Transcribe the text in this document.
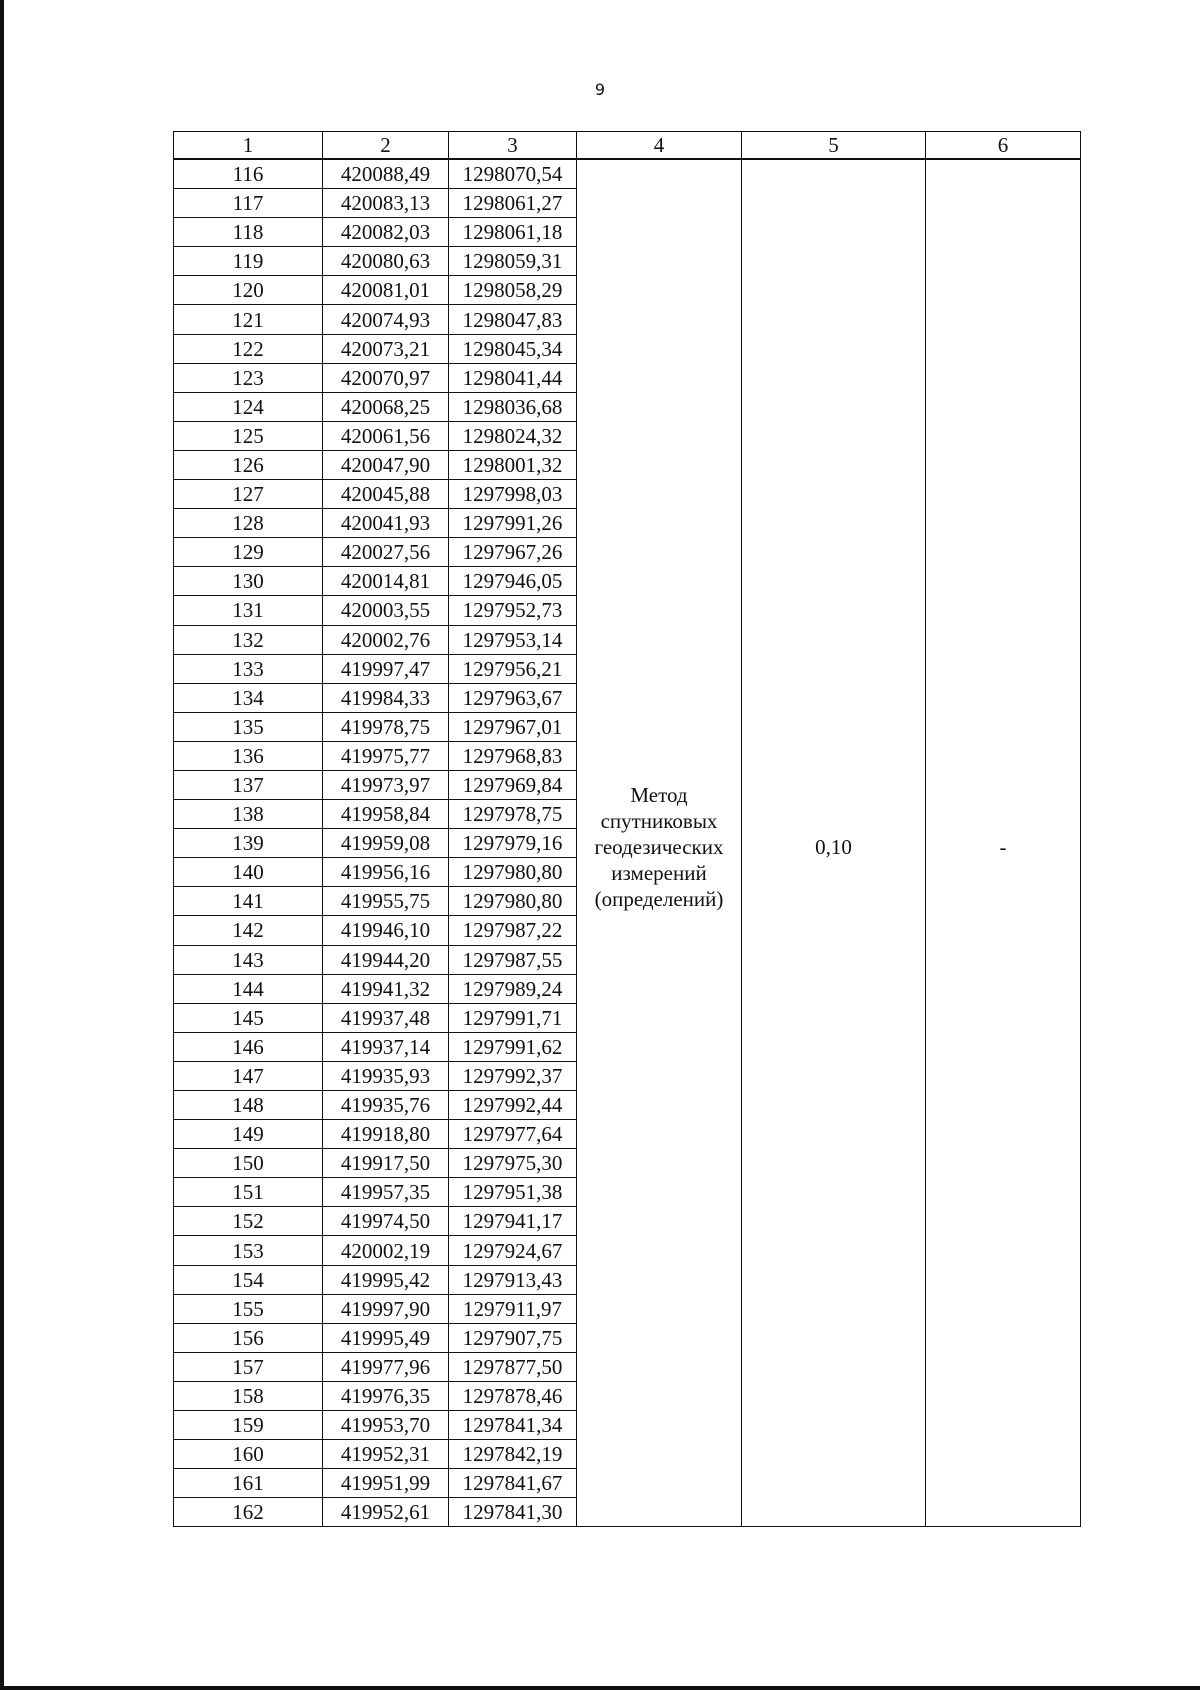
9
1	2	3	4	5	6
116	420088,49	1298070,54	Метод
спутниковых
геодезических
измерений
(определений)	0,10	-
117	420083,13	1298061,27			
118	420082,03	1298061,18			
119	420080,63	1298059,31			
120	420081,01	1298058,29			
121	420074,93	1298047,83			
122	420073,21	1298045,34			
123	420070,97	1298041,44			
124	420068,25	1298036,68			
125	420061,56	1298024,32			
126	420047,90	1298001,32			
127	420045,88	1297998,03			
128	420041,93	1297991,26			
129	420027,56	1297967,26			
130	420014,81	1297946,05			
131	420003,55	1297952,73			
132	420002,76	1297953,14			
133	419997,47	1297956,21			
134	419984,33	1297963,67			
135	419978,75	1297967,01			
136	419975,77	1297968,83			
137	419973,97	1297969,84			
138	419958,84	1297978,75			
139	419959,08	1297979,16			
140	419956,16	1297980,80			
141	419955,75	1297980,80			
142	419946,10	1297987,22			
143	419944,20	1297987,55			
144	419941,32	1297989,24			
145	419937,48	1297991,71			
146	419937,14	1297991,62			
147	419935,93	1297992,37			
148	419935,76	1297992,44			
149	419918,80	1297977,64			
150	419917,50	1297975,30			
151	419957,35	1297951,38			
152	419974,50	1297941,17			
153	420002,19	1297924,67			
154	419995,42	1297913,43			
155	419997,90	1297911,97			
156	419995,49	1297907,75			
157	419977,96	1297877,50			
158	419976,35	1297878,46			
159	419953,70	1297841,34			
160	419952,31	1297842,19			
161	419951,99	1297841,67			
162	419952,61	1297841,30			
